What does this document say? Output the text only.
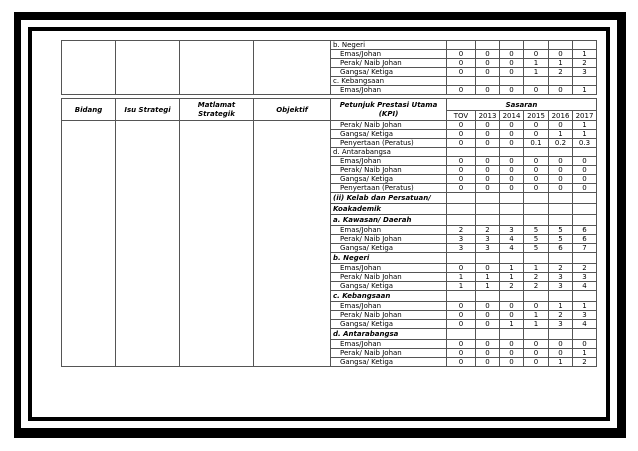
				b. Negeri						
				Emas/Johan	0	0	0	0	0	1
				Perak/ Naib Johan	0	0	0	1	1	2
				Gangsa/ Ketiga	0	0	0	1	2	3
				c. Kebangsaan						
				Emas/Johan	0	0	0	0	0	1
Bidang	Isu Strategi	Matlamat Strategik	Objektif	Petunjuk Prestasi Utama (KPI)	Sasaran					
					TOV	2013	2014	2015	2016	2017
				Perak/ Naib Johan	0	0	0	0	0	1
				Gangsa/ Ketiga	0	0	0	0	1	1
				Penyertaan (Peratus)	0	0	0	0.1	0.2	0.3
				d. Antarabangsa						
				Emas/Johan	0	0	0	0	0	0
				Perak/ Naib Johan	0	0	0	0	0	0
				Gangsa/ Ketiga	0	0	0	0	0	0
				Penyertaan (Peratus)	0	0	0	0	0	0
				(ii) Kelab dan Persatuan/						
				Koakademik						
				a. Kawasan/ Daerah						
				Emas/Johan	2	2	3	5	5	6
				Perak/ Naib Johan	3	3	4	5	5	6
				Gangsa/ Ketiga	3	3	4	5	6	7
				b. Negeri						
				Emas/Johan	0	0	1	1	2	2
				Perak/ Naib Johan	1	1	1	2	3	3
				Gangsa/ Ketiga	1	1	2	2	3	4
				c. Kebangsaan						
				Emas/Johan	0	0	0	0	1	1
				Perak/ Naib Johan	0	0	0	1	2	3
				Gangsa/ Ketiga	0	0	1	1	3	4
				d. Antarabangsa						
				Emas/Johan	0	0	0	0	0	0
				Perak/ Naib Johan	0	0	0	0	0	1
				Gangsa/ Ketiga	0	0	0	0	1	2
